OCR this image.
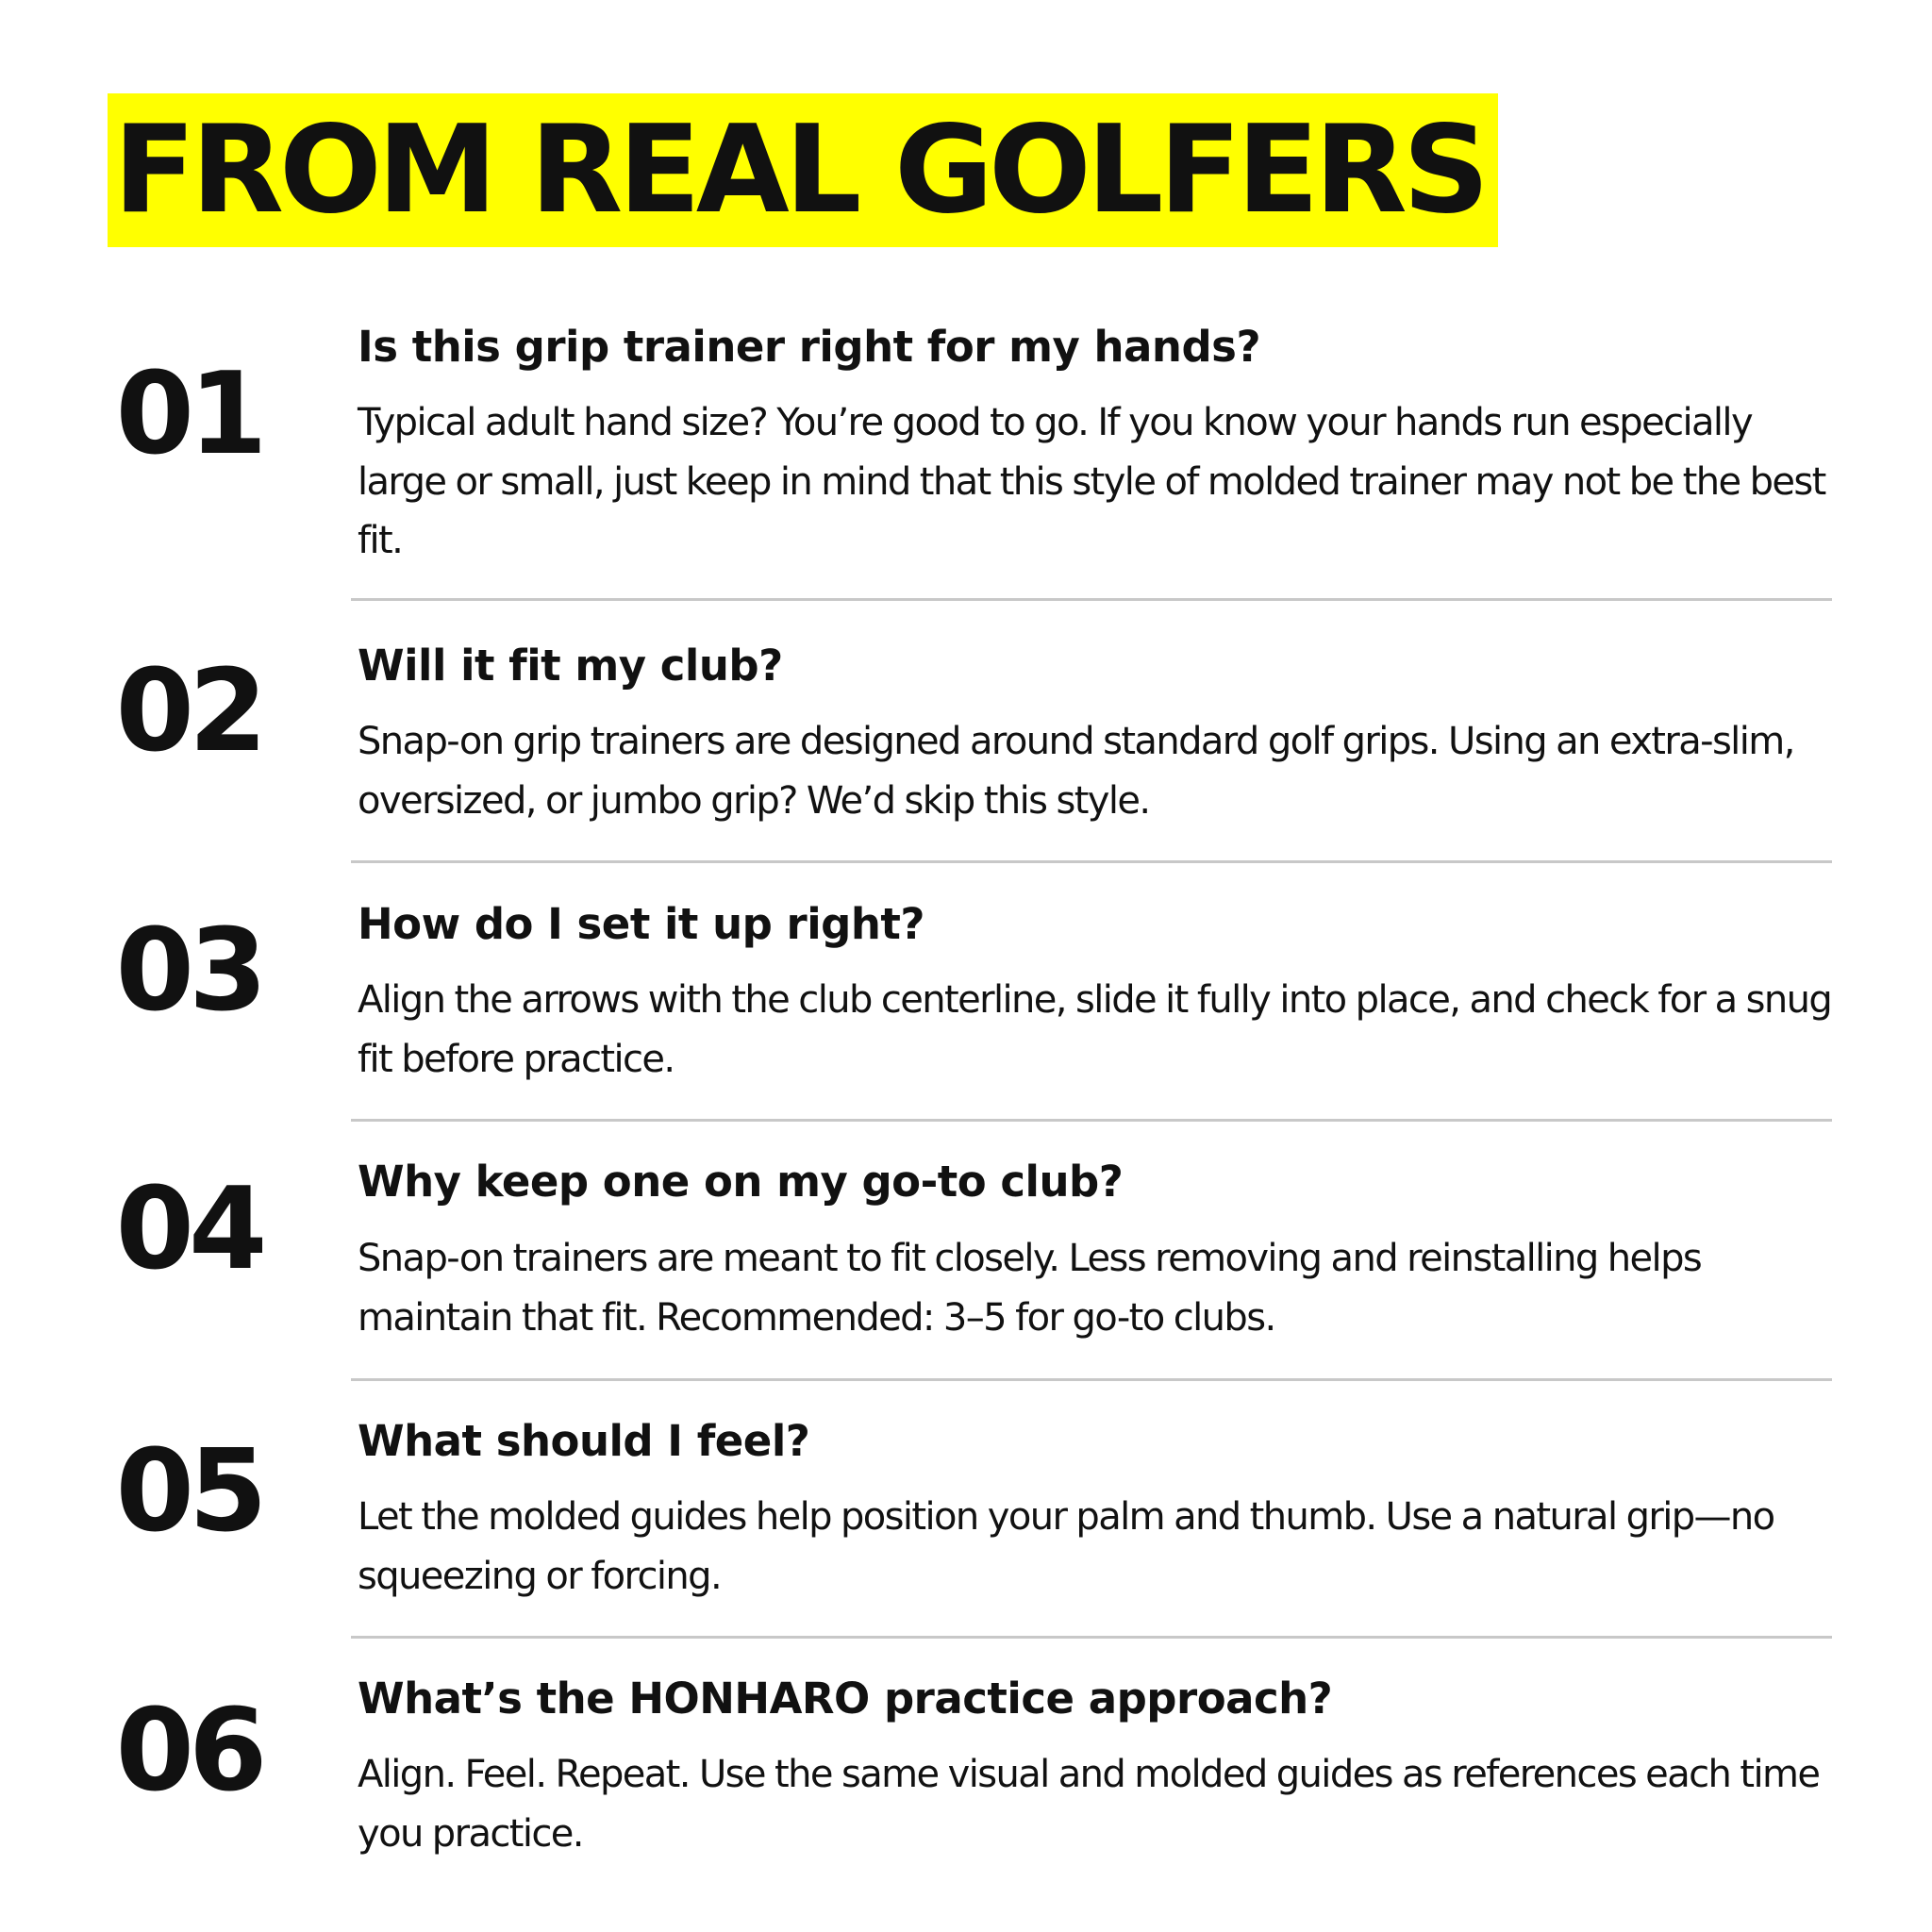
FROM REAL GOLFERS
01
Is this grip trainer right for my hands?
Typical adult hand size? You’re good to go. If you know your hands run especially large or small, just keep in mind that this style of molded trainer may not be the best fit.
02	Will it fit my club?
Snap-on grip trainers are designed around standard golf grips. Using an extra-slim, oversized, or jumbo grip? We’d skip this style.
03	How do I set it up right?
Align the arrows with the club centerline, slide it fully into place, and check for a snug fit before practice.
04	Why keep one on my go-to club?
Snap-on trainers are meant to fit closely. Less removing and reinstalling helps maintain that fit. Recommended: 3–5 for go-to clubs.
05	What should I feel?
Let the molded guides help position your palm and thumb. Use a natural grip—no squeezing or forcing.
06	What’s the HONHARO practice approach?
Align. Feel. Repeat. Use the same visual and molded guides as references each time you practice.
